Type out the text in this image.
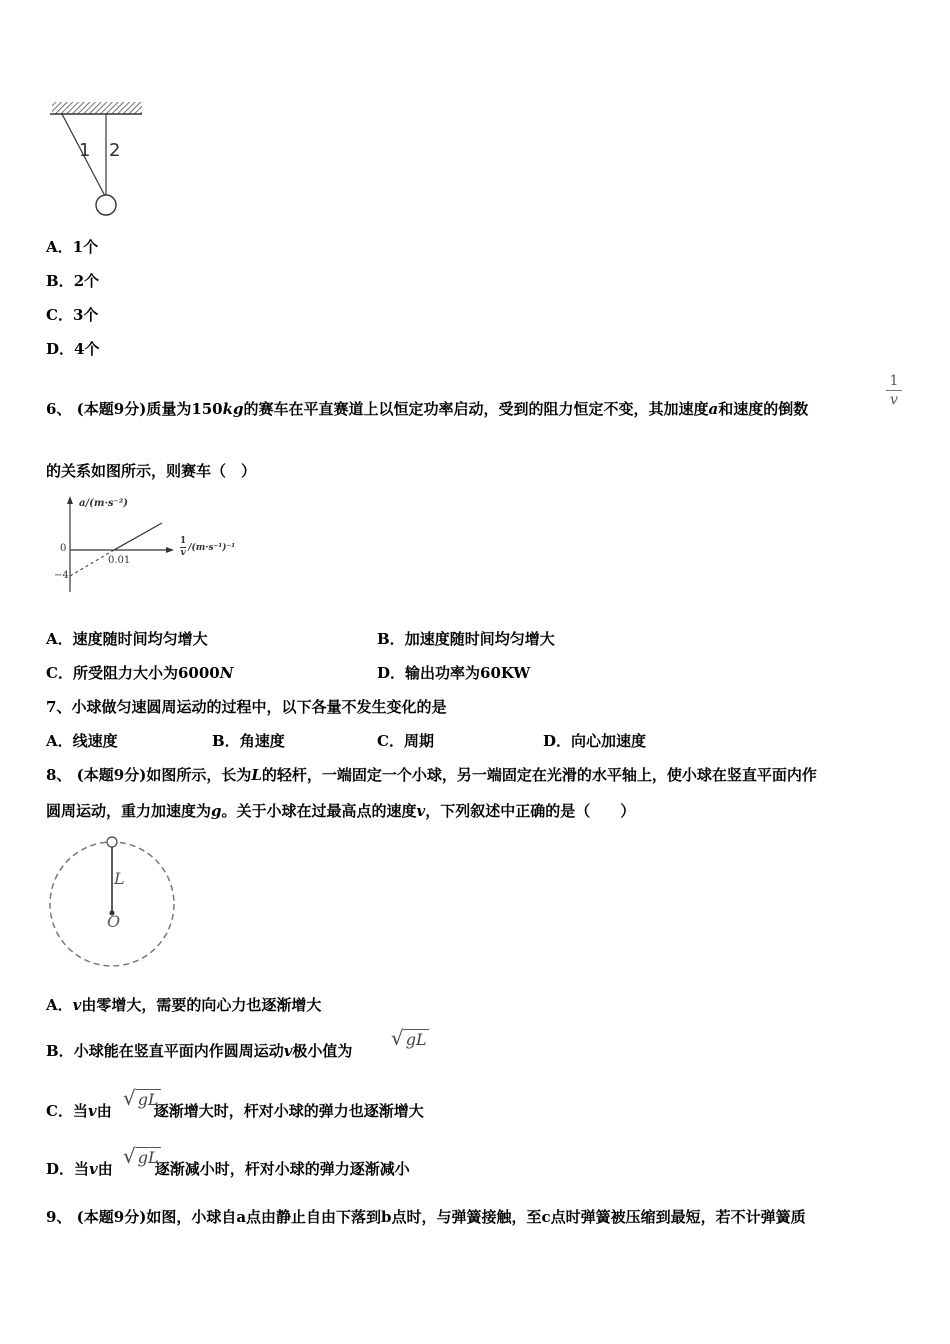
1 2
A．1个
B．2个
C．3个
D．4个
6、 (本题9分)质量为150kg的赛车在平直赛道上以恒定功率启动，受到的阻力恒定不变，其加速度a和速度的倒数	$\frac{1}{v}$
的关系如图所示，则赛车（　）
a/(m·s⁻²)
0
−4
0.01
1
v
/(m·s⁻¹)⁻¹
A．速度随时间均匀增大	B．加速度随时间均匀增大
C．所受阻力大小为6000N	D．输出功率为60KW
7、小球做匀速圆周运动的过程中，以下各量不发生变化的是
A．线速度	B．角速度	C．周期	D．向心加速度
8、 (本题9分)如图所示，长为L的轻杆，一端固定一个小球，另一端固定在光滑的水平轴上，使小球在竖直平面内作
圆周运动，重力加速度为g。关于小球在过最高点的速度v，下列叙述中正确的是（　　）
L
O
A．v由零增大，需要的向心力也逐渐增大
B．小球能在竖直平面内作圆周运动v极小值为
√ gL
C．当v由	逐渐增大时，杆对小球的弹力也逐渐增大
√ gL
D．当v由	逐渐减小时，杆对小球的弹力逐渐减小
√ gL
9、 (本题9分)如图，小球自a点由静止自由下落到b点时，与弹簧接触，至c点时弹簧被压缩到最短，若不计弹簧质
